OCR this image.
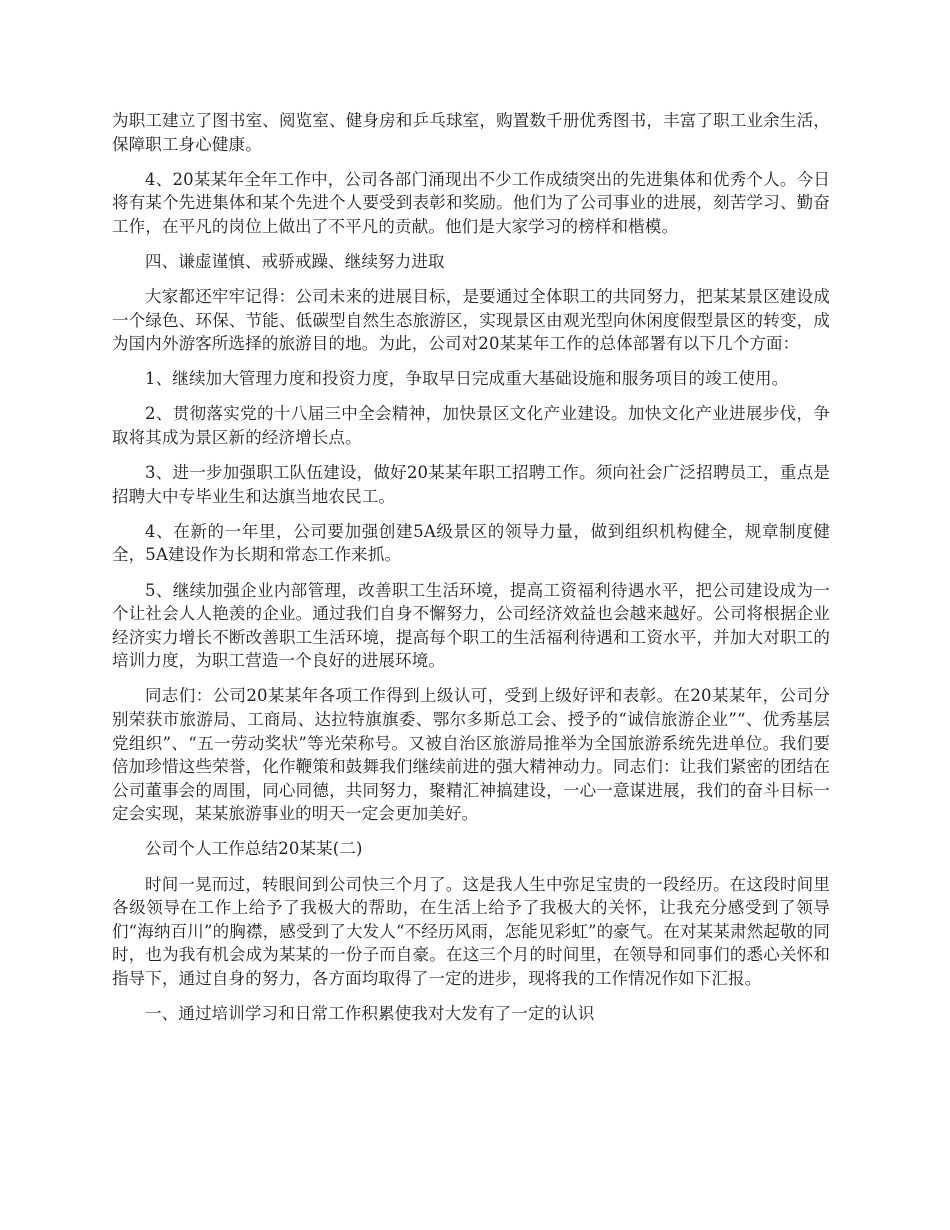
为职工建立了图书室、阅览室、健身房和乒乓球室，购置数千册优秀图书，丰富了职工业余生活，保障职工身心健康。

4、20某某年全年工作中，公司各部门涌现出不少工作成绩突出的先进集体和优秀个人。今日将有某个先进集体和某个先进个人要受到表彰和奖励。他们为了公司事业的进展，刻苦学习、勤奋工作，在平凡的岗位上做出了不平凡的贡献。他们是大家学习的榜样和楷模。

四、谦虚谨慎、戒骄戒躁、继续努力进取

大家都还牢牢记得：公司未来的进展目标，是要通过全体职工的共同努力，把某某景区建设成一个绿色、环保、节能、低碳型自然生态旅游区，实现景区由观光型向休闲度假型景区的转变，成为国内外游客所选择的旅游目的地。为此，公司对20某某年工作的总体部署有以下几个方面：

1、继续加大管理力度和投资力度，争取早日完成重大基础设施和服务项目的竣工使用。

2、贯彻落实党的十八届三中全会精神，加快景区文化产业建设。加快文化产业进展步伐，争取将其成为景区新的经济增长点。

3、进一步加强职工队伍建设，做好20某某年职工招聘工作。须向社会广泛招聘员工，重点是招聘大中专毕业生和达旗当地农民工。

4、在新的一年里，公司要加强创建5A级景区的领导力量，做到组织机构健全，规章制度健全，5A建设作为长期和常态工作来抓。

5、继续加强企业内部管理，改善职工生活环境，提高工资福利待遇水平，把公司建设成为一个让社会人人艳羡的企业。通过我们自身不懈努力，公司经济效益也会越来越好。公司将根据企业经济实力增长不断改善职工生活环境，提高每个职工的生活福利待遇和工资水平，并加大对职工的培训力度，为职工营造一个良好的进展环境。

同志们：公司20某某年各项工作得到上级认可，受到上级好评和表彰。在20某某年，公司分别荣获市旅游局、工商局、达拉特旗旗委、鄂尔多斯总工会、授予的“诚信旅游企业”“、优秀基层党组织”、“五一劳动奖状”等光荣称号。又被自治区旅游局推举为全国旅游系统先进单位。我们要倍加珍惜这些荣誉，化作鞭策和鼓舞我们继续前进的强大精神动力。同志们：让我们紧密的团结在公司董事会的周围，同心同德，共同努力，聚精汇神搞建设，一心一意谋进展，我们的奋斗目标一定会实现，某某旅游事业的明天一定会更加美好。

公司个人工作总结20某某(二)

时间一晃而过，转眼间到公司快三个月了。这是我人生中弥足宝贵的一段经历。在这段时间里各级领导在工作上给予了我极大的帮助，在生活上给予了我极大的关怀，让我充分感受到了领导们“海纳百川”的胸襟，感受到了大发人“不经历风雨，怎能见彩虹”的豪气。在对某某肃然起敬的同时，也为我有机会成为某某的一份子而自豪。在这三个月的时间里，在领导和同事们的悉心关怀和指导下，通过自身的努力，各方面均取得了一定的进步，现将我的工作情况作如下汇报。

一、通过培训学习和日常工作积累使我对大发有了一定的认识
